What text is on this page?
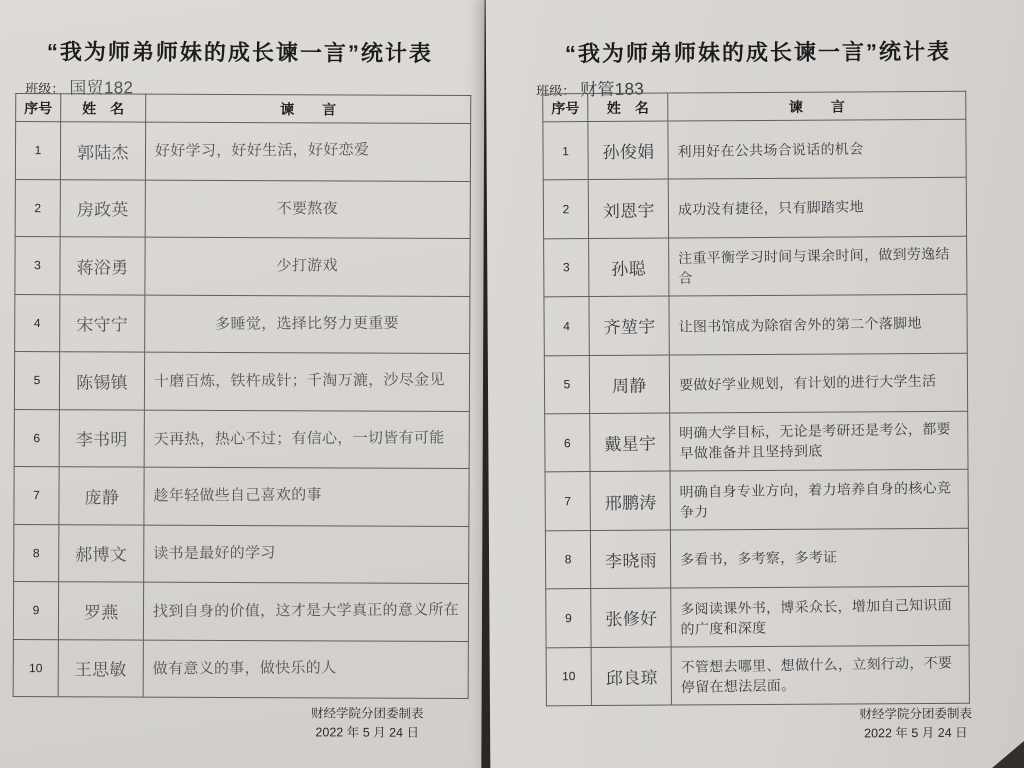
“我为师弟师妹的成长谏一言”统计表
班级： 国贸182
序号	姓　名	谏　　言
1	郭陆杰	好好学习，好好生活，好好恋爱
2	房政英	不要熬夜
3	蒋浴勇	少打游戏
4	宋守宁	多睡觉，选择比努力更重要
5	陈锡镇	十磨百炼，铁杵成针；千淘万漉，沙尽金见
6	李书明	天再热，热心不过；有信心，一切皆有可能
7	庞静	趁年轻做些自己喜欢的事
8	郝博文	读书是最好的学习
9	罗燕	找到自身的价值，这才是大学真正的意义所在
10	王思敏	做有意义的事，做快乐的人
财经学院分团委制表
2022 年 5 月 24 日
“我为师弟师妹的成长谏一言”统计表
班级： 财管183
序号	姓　名	谏　　言
1	孙俊娟	利用好在公共场合说话的机会
2	刘恩宇	成功没有捷径，只有脚踏实地
3	孙聪	注重平衡学习时间与课余时间，做到劳逸结合
4	齐堃宇	让图书馆成为除宿舍外的第二个落脚地
5	周静	要做好学业规划，有计划的进行大学生活
6	戴星宇	明确大学目标，无论是考研还是考公，都要早做准备并且坚持到底
7	邢鹏涛	明确自身专业方向，着力培养自身的核心竞争力
8	李晓雨	多看书，多考察，多考证
9	张修好	多阅读课外书，博采众长，增加自己知识面的广度和深度
10	邱良琼	不管想去哪里、想做什么，立刻行动，不要停留在想法层面。
财经学院分团委制表
2022 年 5 月 24 日
